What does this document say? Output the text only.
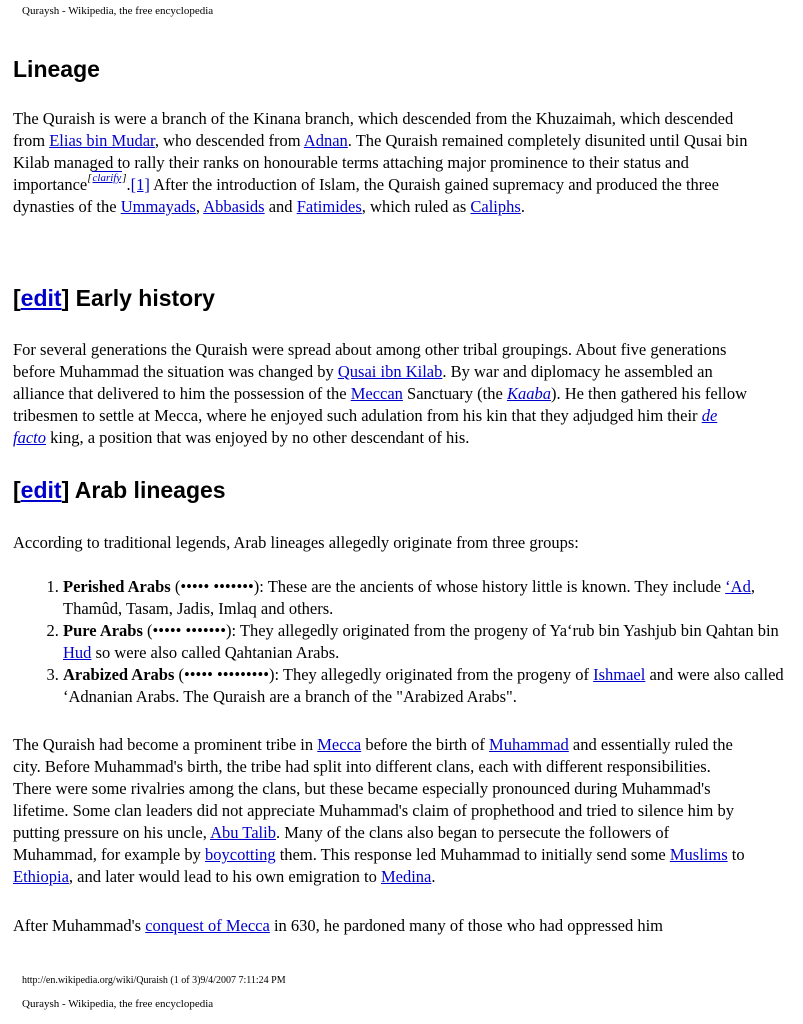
Quraysh - Wikipedia, the free encyclopedia
Lineage

The Quraish is were a branch of the Kinana branch, which descended from the Khuzaimah, which descended from Elias bin Mudar, who descended from Adnan. The Quraish remained completely disunited until Qusai bin Kilab managed to rally their ranks on honourable terms attaching major prominence to their status and importance[clarify].[1] After the introduction of Islam, the Quraish gained supremacy and produced the three dynasties of the Ummayads, Abbasids and Fatimides, which ruled as Caliphs.

[edit] Early history

For several generations the Quraish were spread about among other tribal groupings. About five generations before Muhammad the situation was changed by Qusai ibn Kilab. By war and diplomacy he assembled an alliance that delivered to him the possession of the Meccan Sanctuary (the Kaaba). He then gathered his fellow tribesmen to settle at Mecca, where he enjoyed such adulation from his kin that they adjudged him their de facto king, a position that was enjoyed by no other descendant of his.

[edit] Arab lineages

According to traditional legends, Arab lineages allegedly originate from three groups:

1. Perished Arabs (••••• •••••••): These are the ancients of whose history little is known. They include ‘Ad, Thamûd, Tasam, Jadis, Imlaq and others.
2. Pure Arabs (••••• •••••••): They allegedly originated from the progeny of Ya‘rub bin Yashjub bin Qahtan bin Hud so were also called Qahtanian Arabs.
3. Arabized Arabs (••••• •••••••••): They allegedly originated from the progeny of Ishmael and were also called ‘Adnanian Arabs. The Quraish are a branch of the "Arabized Arabs".

The Quraish had become a prominent tribe in Mecca before the birth of Muhammad and essentially ruled the city. Before Muhammad's birth, the tribe had split into different clans, each with different responsibilities. There were some rivalries among the clans, but these became especially pronounced during Muhammad's lifetime. Some clan leaders did not appreciate Muhammad's claim of prophethood and tried to silence him by putting pressure on his uncle, Abu Talib. Many of the clans also began to persecute the followers of Muhammad, for example by boycotting them. This response led Muhammad to initially send some Muslims to Ethiopia, and later would lead to his own emigration to Medina.

After Muhammad's conquest of Mecca in 630, he pardoned many of those who had oppressed him

http://en.wikipedia.org/wiki/Quraish (1 of 3)9/4/2007 7:11:24 PM
Quraysh - Wikipedia, the free encyclopedia
